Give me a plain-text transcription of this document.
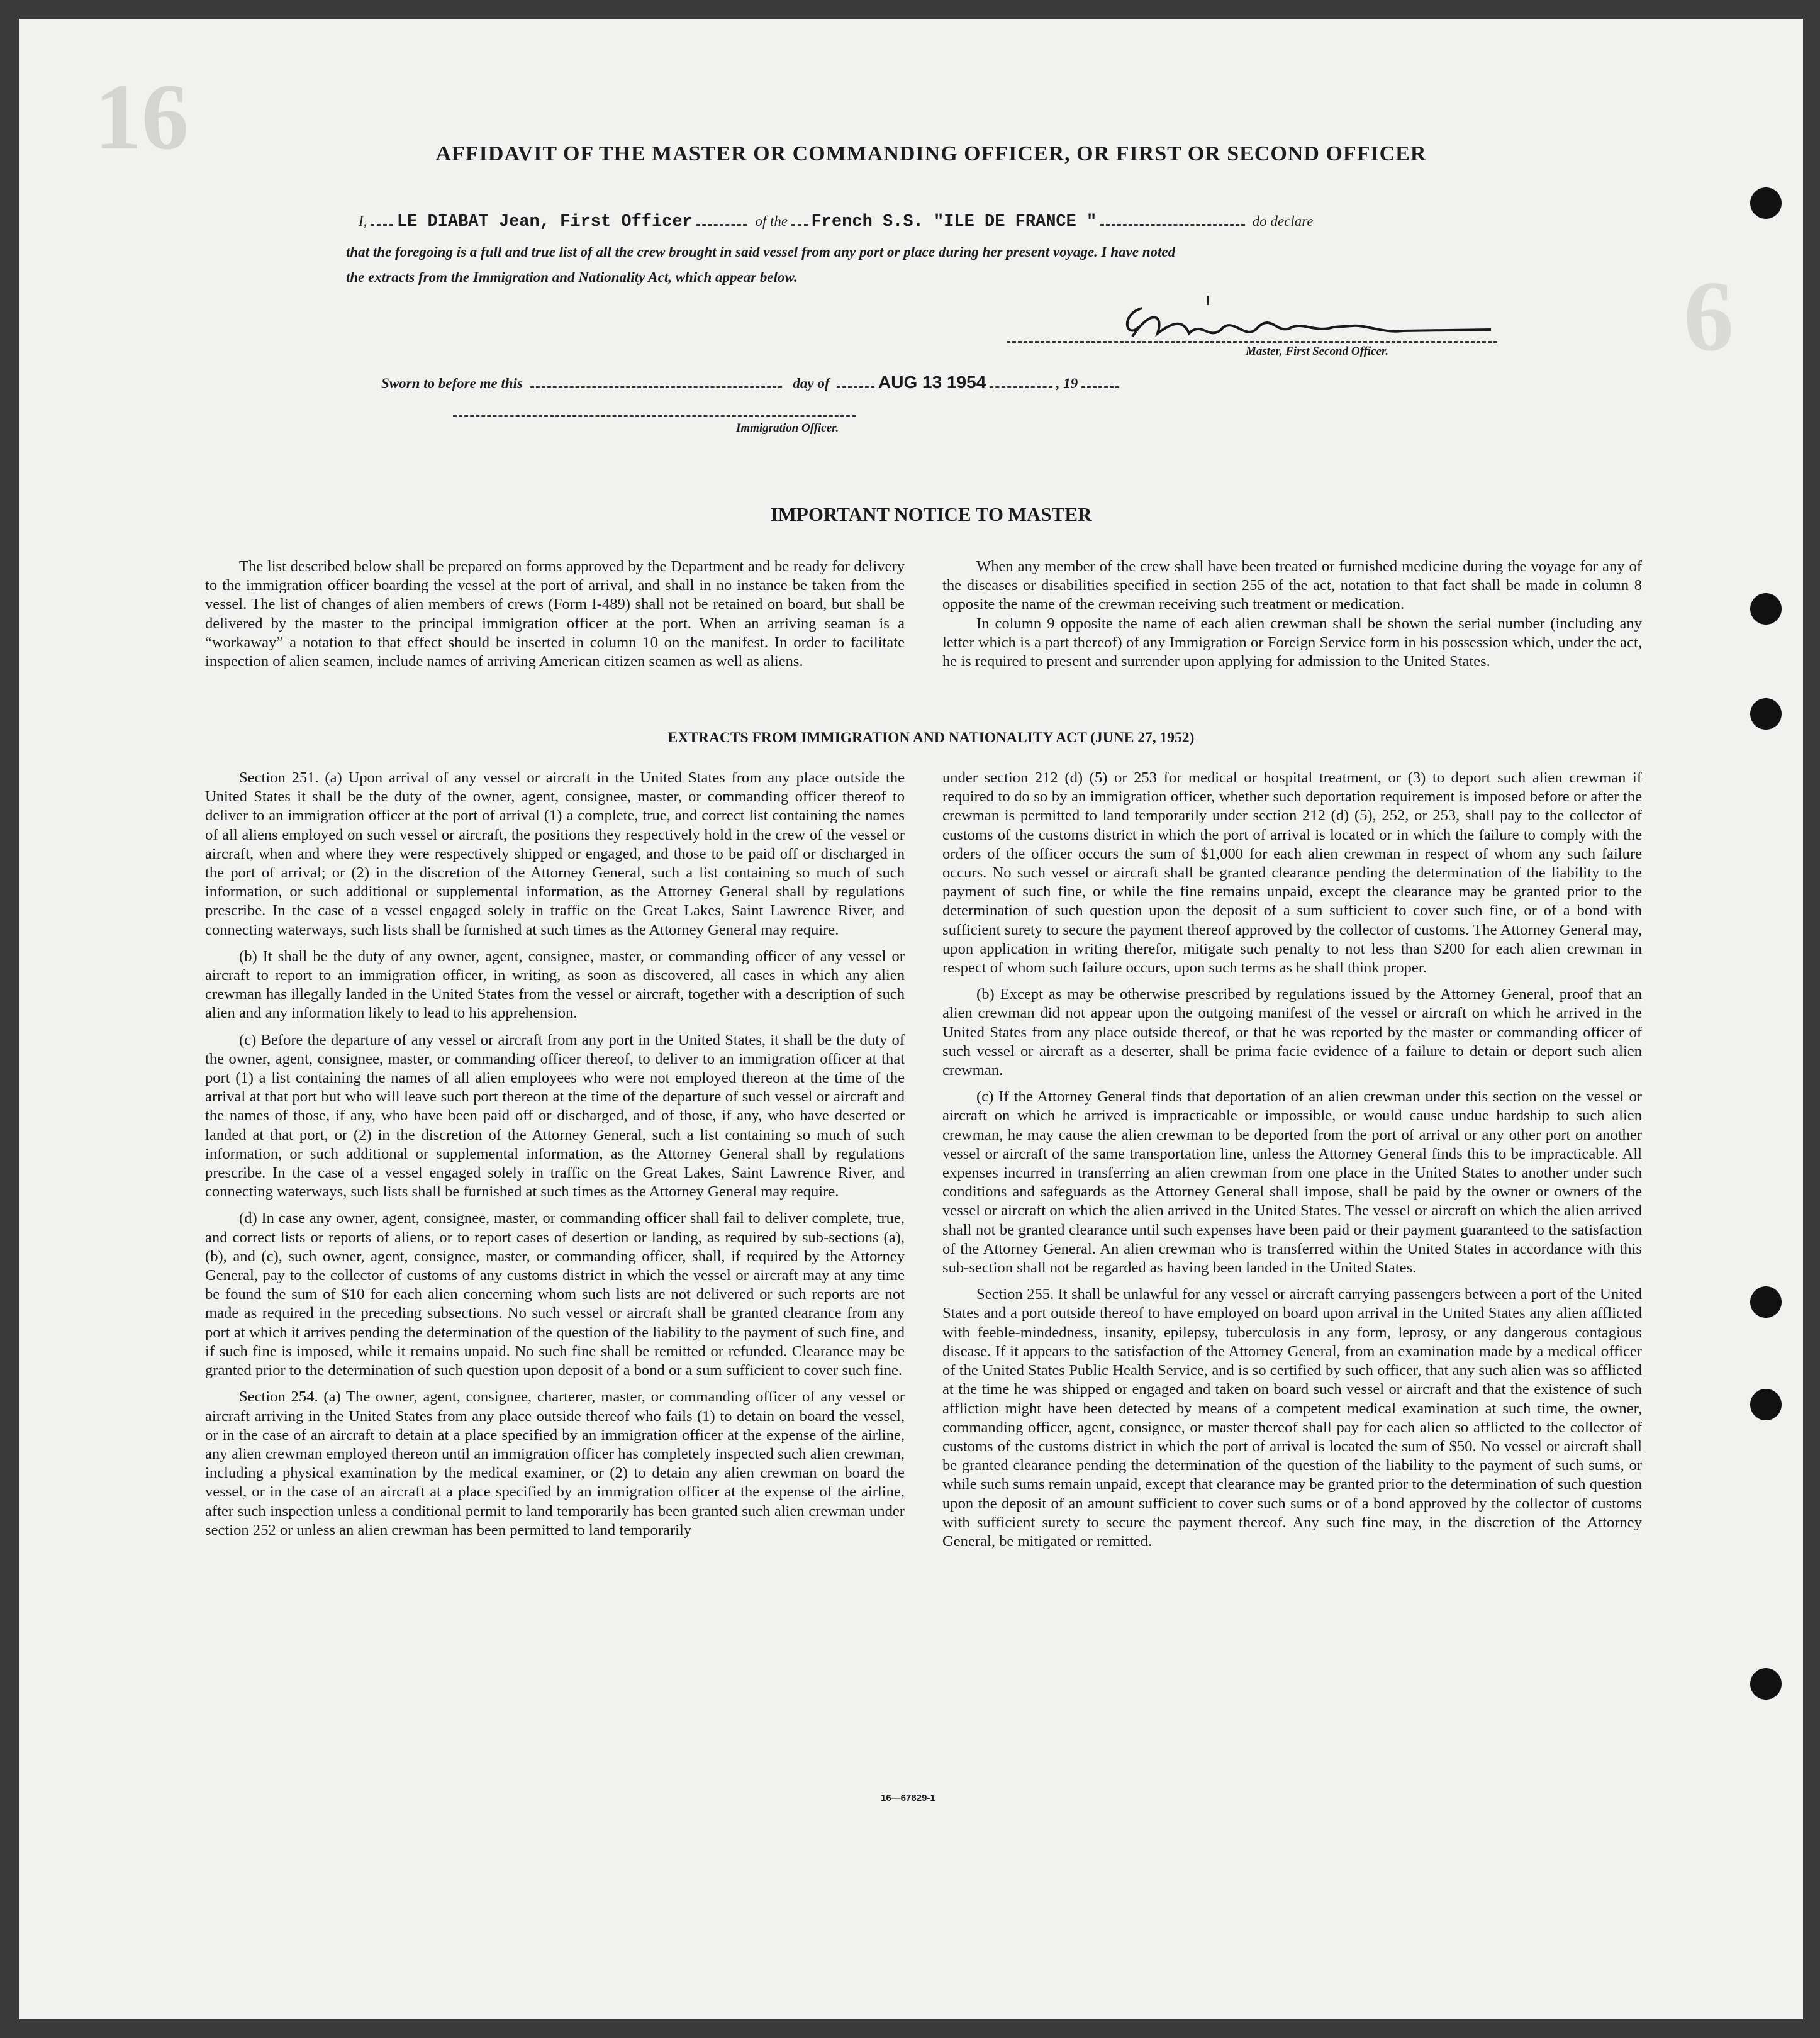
16
6
AFFIDAVIT OF THE MASTER OR COMMANDING OFFICER, OR FIRST OR SECOND OFFICER
I, LE DIABAT Jean, First Officer	of the French S.S. "ILE DE FRANCE "	do declare
that the foregoing is a full and true list of all the crew brought in said vessel from any port or place during her present voyage. I have noted
the extracts from the Immigration and Nationality Act, which appear below.
Master, First Second Officer.
Sworn to before me this	day of	AUG 13 1954	, 19
Immigration Officer.
IMPORTANT NOTICE TO MASTER

The list described below shall be prepared on forms approved by the Department and be ready for delivery to the immigration officer boarding the vessel at the port of arrival, and shall in no instance be taken from the vessel. The list of changes of alien members of crews (Form I-489) shall not be retained on board, but shall be delivered by the master to the principal immigration officer at the port. When an arriving seaman is a “workaway” a notation to that effect should be inserted in column 10 on the manifest. In order to facilitate inspection of alien seamen, include names of arriving American citizen seamen as well as aliens.

When any member of the crew shall have been treated or furnished medicine during the voyage for any of the diseases or disabilities specified in section 255 of the act, notation to that fact shall be made in column 8 opposite the name of the crewman receiving such treatment or medication.

In column 9 opposite the name of each alien crewman shall be shown the serial number (including any letter which is a part thereof) of any Immigration or Foreign Service form in his possession which, under the act, he is required to present and surrender upon applying for admission to the United States.

EXTRACTS FROM IMMIGRATION AND NATIONALITY ACT (JUNE 27, 1952)

Section 251. (a) Upon arrival of any vessel or aircraft in the United States from any place outside the United States it shall be the duty of the owner, agent, consignee, master, or commanding officer thereof to deliver to an immigration officer at the port of arrival (1) a complete, true, and correct list containing the names of all aliens employed on such vessel or aircraft, the positions they respectively hold in the crew of the vessel or aircraft, when and where they were respectively shipped or engaged, and those to be paid off or discharged in the port of arrival; or (2) in the discretion of the Attorney General, such a list containing so much of such information, or such additional or supplemental information, as the Attorney General shall by regulations prescribe. In the case of a vessel engaged solely in traffic on the Great Lakes, Saint Lawrence River, and connecting waterways, such lists shall be furnished at such times as the Attorney General may require.

(b) It shall be the duty of any owner, agent, consignee, master, or commanding officer of any vessel or aircraft to report to an immigration officer, in writing, as soon as discovered, all cases in which any alien crewman has illegally landed in the United States from the vessel or aircraft, together with a description of such alien and any information likely to lead to his apprehension.

(c) Before the departure of any vessel or aircraft from any port in the United States, it shall be the duty of the owner, agent, consignee, master, or commanding officer thereof, to deliver to an immigration officer at that port (1) a list containing the names of all alien employees who were not employed thereon at the time of the arrival at that port but who will leave such port thereon at the time of the departure of such vessel or aircraft and the names of those, if any, who have been paid off or discharged, and of those, if any, who have deserted or landed at that port, or (2) in the discretion of the Attorney General, such a list containing so much of such information, or such additional or supplemental information, as the Attorney General shall by regulations prescribe. In the case of a vessel engaged solely in traffic on the Great Lakes, Saint Lawrence River, and connecting waterways, such lists shall be furnished at such times as the Attorney General may require.

(d) In case any owner, agent, consignee, master, or commanding officer shall fail to deliver complete, true, and correct lists or reports of aliens, or to report cases of desertion or landing, as required by sub-sections (a), (b), and (c), such owner, agent, consignee, master, or commanding officer, shall, if required by the Attorney General, pay to the collector of customs of any customs district in which the vessel or aircraft may at any time be found the sum of $10 for each alien concerning whom such lists are not delivered or such reports are not made as required in the preceding subsections. No such vessel or aircraft shall be granted clearance from any port at which it arrives pending the determination of the question of the liability to the payment of such fine, and if such fine is imposed, while it remains unpaid. No such fine shall be remitted or refunded. Clearance may be granted prior to the determination of such question upon deposit of a bond or a sum sufficient to cover such fine.

Section 254. (a) The owner, agent, consignee, charterer, master, or commanding officer of any vessel or aircraft arriving in the United States from any place outside thereof who fails (1) to detain on board the vessel, or in the case of an aircraft to detain at a place specified by an immigration officer at the expense of the airline, any alien crewman employed thereon until an immigration officer has completely inspected such alien crewman, including a physical examination by the medical examiner, or (2) to detain any alien crewman on board the vessel, or in the case of an aircraft at a place specified by an immigration officer at the expense of the airline, after such inspection unless a conditional permit to land temporarily has been granted such alien crewman under section 252 or unless an alien crewman has been permitted to land temporarily

under section 212 (d) (5) or 253 for medical or hospital treatment, or (3) to deport such alien crewman if required to do so by an immigration officer, whether such deportation requirement is imposed before or after the crewman is permitted to land temporarily under section 212 (d) (5), 252, or 253, shall pay to the collector of customs of the customs district in which the port of arrival is located or in which the failure to comply with the orders of the officer occurs the sum of $1,000 for each alien crewman in respect of whom any such failure occurs. No such vessel or aircraft shall be granted clearance pending the determination of the liability to the payment of such fine, or while the fine remains unpaid, except the clearance may be granted prior to the determination of such question upon the deposit of a sum sufficient to cover such fine, or of a bond with sufficient surety to secure the payment thereof approved by the collector of customs. The Attorney General may, upon application in writing therefor, mitigate such penalty to not less than $200 for each alien crewman in respect of whom such failure occurs, upon such terms as he shall think proper.

(b) Except as may be otherwise prescribed by regulations issued by the Attorney General, proof that an alien crewman did not appear upon the outgoing manifest of the vessel or aircraft on which he arrived in the United States from any place outside thereof, or that he was reported by the master or commanding officer of such vessel or aircraft as a deserter, shall be prima facie evidence of a failure to detain or deport such alien crewman.

(c) If the Attorney General finds that deportation of an alien crewman under this section on the vessel or aircraft on which he arrived is impracticable or impossible, or would cause undue hardship to such alien crewman, he may cause the alien crewman to be deported from the port of arrival or any other port on another vessel or aircraft of the same transportation line, unless the Attorney General finds this to be impracticable. All expenses incurred in transferring an alien crewman from one place in the United States to another under such conditions and safeguards as the Attorney General shall impose, shall be paid by the owner or owners of the vessel or aircraft on which the alien arrived in the United States. The vessel or aircraft on which the alien arrived shall not be granted clearance until such expenses have been paid or their payment guaranteed to the satisfaction of the Attorney General. An alien crewman who is transferred within the United States in accordance with this sub-section shall not be regarded as having been landed in the United States.

Section 255. It shall be unlawful for any vessel or aircraft carrying passengers between a port of the United States and a port outside thereof to have employed on board upon arrival in the United States any alien afflicted with feeble-mindedness, insanity, epilepsy, tuberculosis in any form, leprosy, or any dangerous contagious disease. If it appears to the satisfaction of the Attorney General, from an examination made by a medical officer of the United States Public Health Service, and is so certified by such officer, that any such alien was so afflicted at the time he was shipped or engaged and taken on board such vessel or aircraft and that the existence of such affliction might have been detected by means of a competent medical examination at such time, the owner, commanding officer, agent, consignee, or master thereof shall pay for each alien so afflicted to the collector of customs of the customs district in which the port of arrival is located the sum of $50. No vessel or aircraft shall be granted clearance pending the determination of the question of the liability to the payment of such sums, or while such sums remain unpaid, except that clearance may be granted prior to the determination of such question upon the deposit of an amount sufficient to cover such sums or of a bond approved by the collector of customs with sufficient surety to secure the payment thereof. Any such fine may, in the discretion of the Attorney General, be mitigated or remitted.

16—67829-1
